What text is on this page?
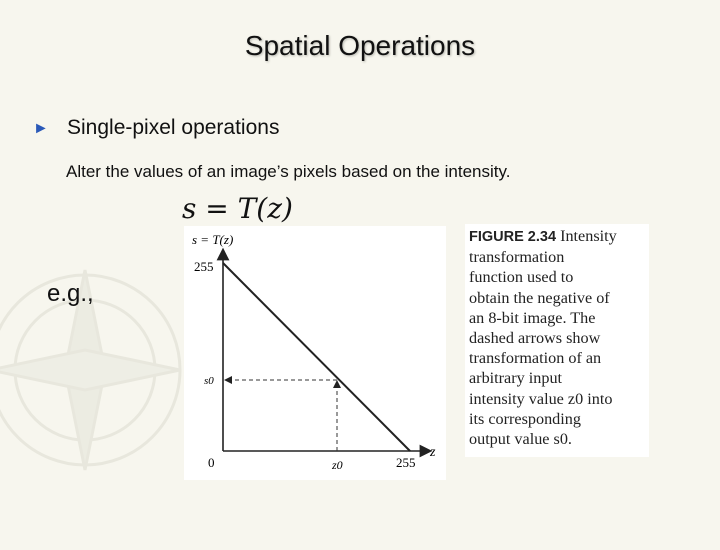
Spatial Operations
► Single-pixel operations
Alter the values of an image’s pixels based on the intensity.
e.g.,
s = T(z)
s = T(z)
255
s0
0	z0	255
z
FIGURE 2.34 Intensity
transformation
function used to
obtain the negative of
an 8-bit image. The
dashed arrows show
transformation of an
arbitrary input
intensity value z0 into
its corresponding
output value s0.
